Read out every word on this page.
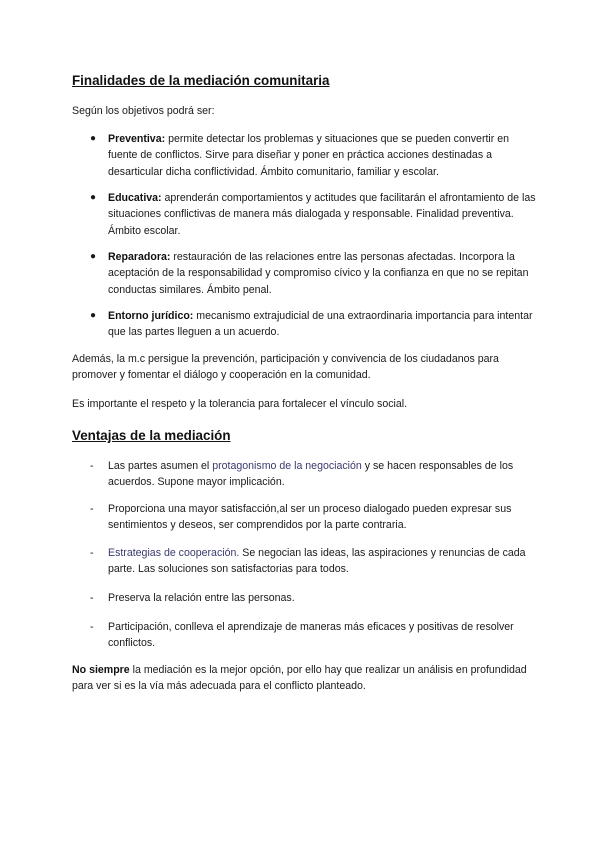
Finalidades de la mediación comunitaria

Según los objetivos podrá ser:

●	Preventiva: permite detectar los problemas y situaciones que se pueden convertir en fuente de conflictos. Sirve para diseñar y poner en práctica acciones destinadas a desarticular dicha conflictividad. Ámbito comunitario, familiar y escolar.
●	Educativa: aprenderán comportamientos y actitudes que facilitarán el afrontamiento de las situaciones conflictivas de manera más dialogada y responsable. Finalidad preventiva. Ámbito escolar.
●	Reparadora: restauración de las relaciones entre las personas afectadas. Incorpora la aceptación de la responsabilidad y compromiso cívico y la confianza en que no se repitan conductas similares. Ámbito penal.
●	Entorno jurídico: mecanismo extrajudicial de una extraordinaria importancia para intentar que las partes lleguen a un acuerdo.

Además, la m.c persigue la prevención, participación y convivencia de los ciudadanos para promover y fomentar el diálogo y cooperación en la comunidad.

Es importante el respeto y la tolerancia para fortalecer el vínculo social.

Ventajas de la mediación
-	Las partes asumen el protagonismo de la negociación y se hacen responsables de los acuerdos. Supone mayor implicación.
-	Proporciona una mayor satisfacción,al ser un proceso dialogado pueden expresar sus sentimientos y deseos, ser comprendidos por la parte contraria.
-	Estrategias de cooperación. Se negocian las ideas, las aspiraciones y renuncias de cada parte. Las soluciones son satisfactorias para todos.
-	Preserva la relación entre las personas.
-	Participación, conlleva el aprendizaje de maneras más eficaces y positivas de resolver conflictos.

No siempre la mediación es la mejor opción, por ello hay que realizar un análisis en profundidad para ver si es la vía más adecuada para el conflicto planteado.
